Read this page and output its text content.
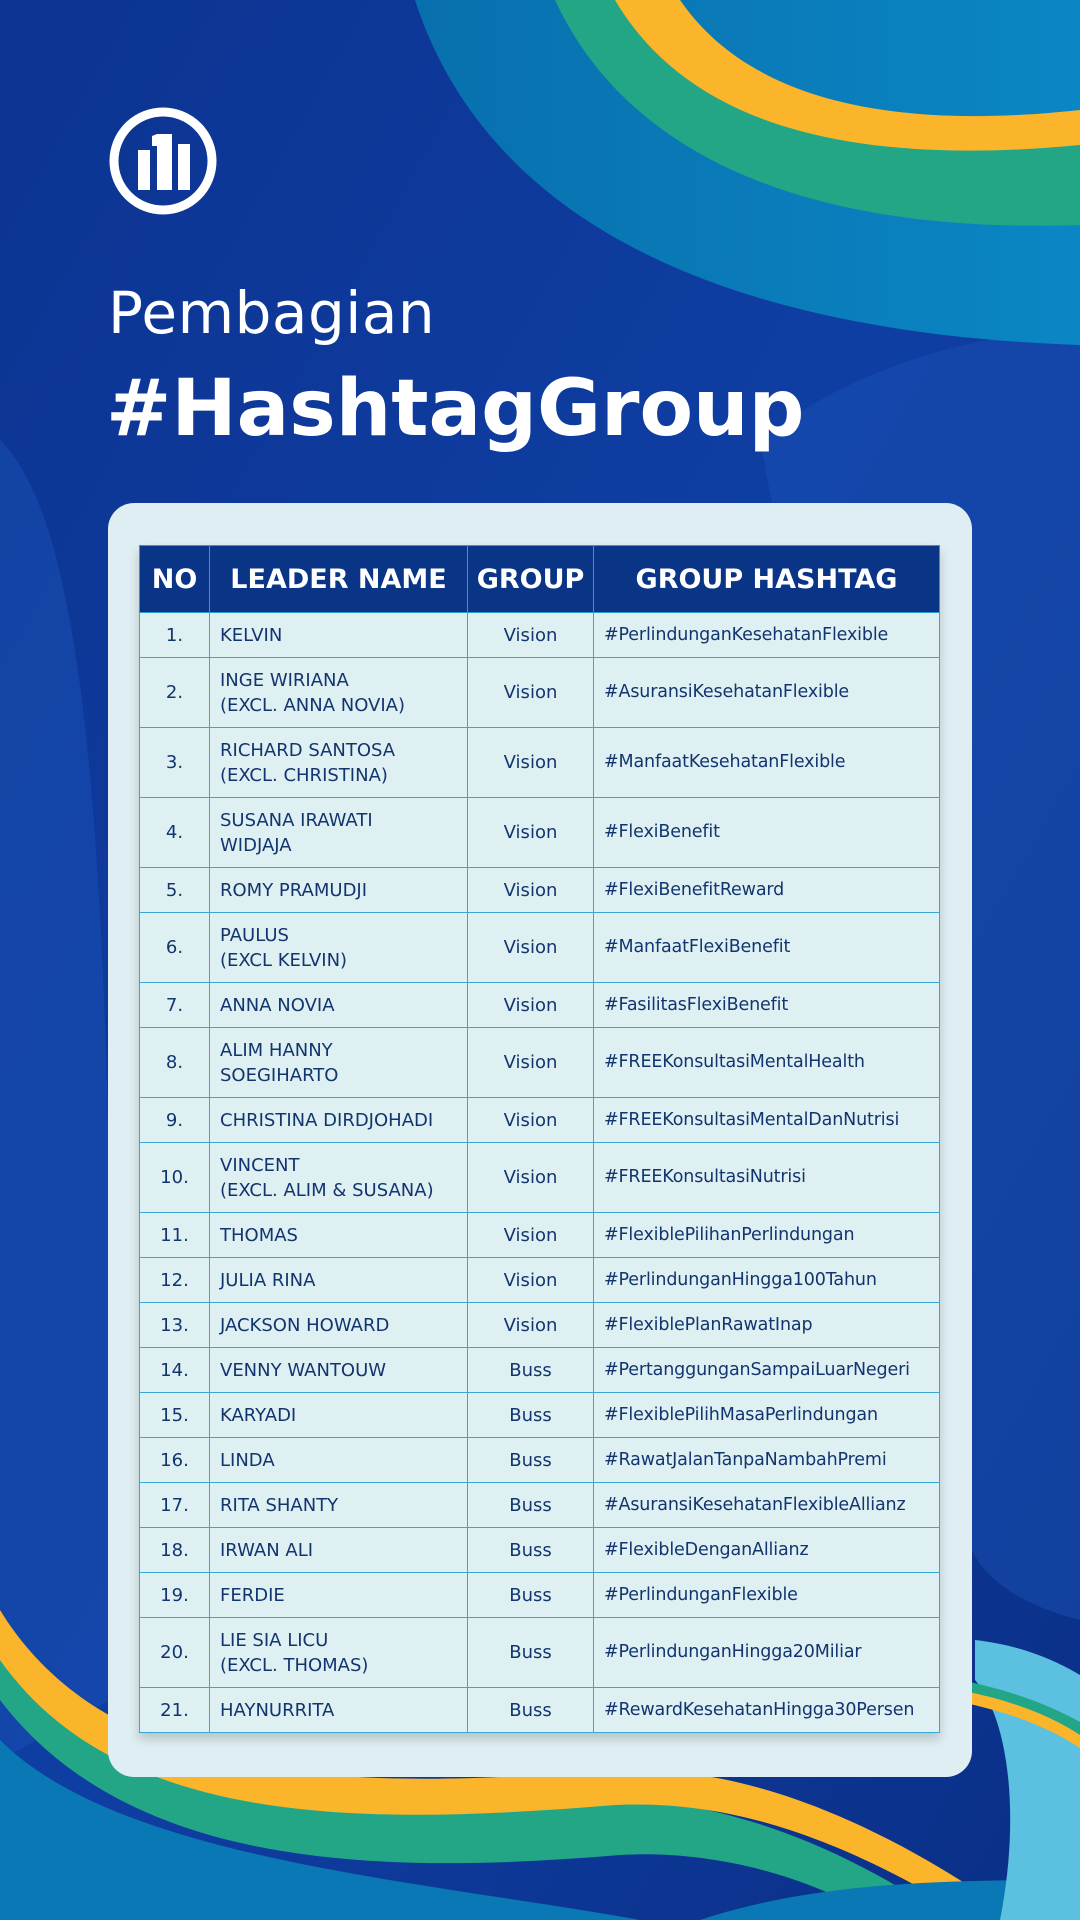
Pembagian
#HashtagGroup
NO	LEADER NAME	GROUP	GROUP HASHTAG
1.	KELVIN	Vision	#PerlindunganKesehatanFlexible
2.	INGE WIRIANA
(EXCL. ANNA NOVIA)	Vision	#AsuransiKesehatanFlexible
3.	RICHARD SANTOSA
(EXCL. CHRISTINA)	Vision	#ManfaatKesehatanFlexible
4.	SUSANA IRAWATI
WIDJAJA	Vision	#FlexiBenefit
5.	ROMY PRAMUDJI	Vision	#FlexiBenefitReward
6.	PAULUS
(EXCL KELVIN)	Vision	#ManfaatFlexiBenefit
7.	ANNA NOVIA	Vision	#FasilitasFlexiBenefit
8.	ALIM HANNY
SOEGIHARTO	Vision	#FREEKonsultasiMentalHealth
9.	CHRISTINA DIRDJOHADI	Vision	#FREEKonsultasiMentalDanNutrisi
10.	VINCENT
(EXCL. ALIM & SUSANA)	Vision	#FREEKonsultasiNutrisi
11.	THOMAS	Vision	#FlexiblePilihanPerlindungan
12.	JULIA RINA	Vision	#PerlindunganHingga100Tahun
13.	JACKSON HOWARD	Vision	#FlexiblePlanRawatInap
14.	VENNY WANTOUW	Buss	#PertanggunganSampaiLuarNegeri
15.	KARYADI	Buss	#FlexiblePilihMasaPerlindungan
16.	LINDA	Buss	#RawatJalanTanpaNambahPremi
17.	RITA SHANTY	Buss	#AsuransiKesehatanFlexibleAllianz
18.	IRWAN ALI	Buss	#FlexibleDenganAllianz
19.	FERDIE	Buss	#PerlindunganFlexible
20.	LIE SIA LICU
(EXCL. THOMAS)	Buss	#PerlindunganHingga20Miliar
21.	HAYNURRITA	Buss	#RewardKesehatanHingga30Persen
